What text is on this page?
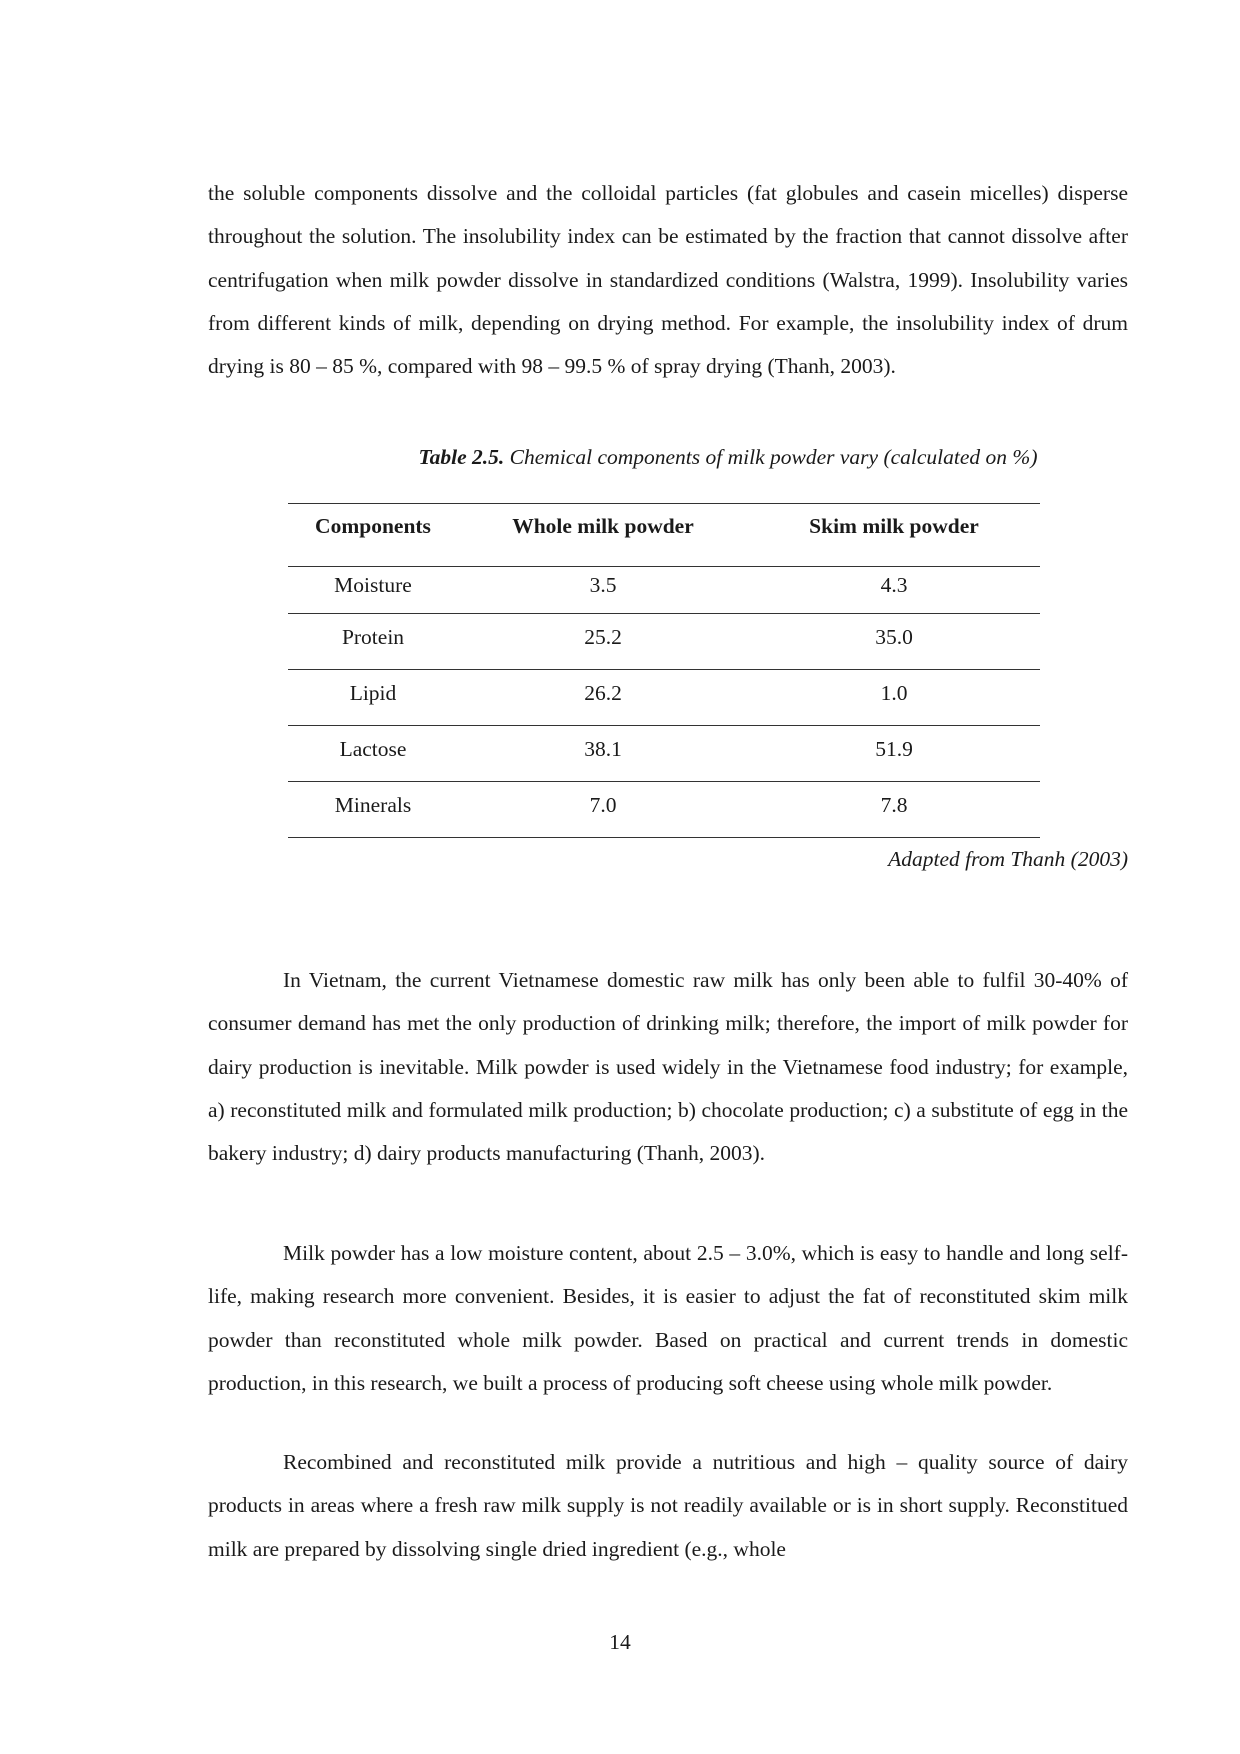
the soluble components dissolve and the colloidal particles (fat globules and casein micelles) disperse throughout the solution. The insolubility index can be estimated by the fraction that cannot dissolve after centrifugation when milk powder dissolve in standardized conditions (Walstra, 1999). Insolubility varies from different kinds of milk, depending on drying method. For example, the insolubility index of drum drying is 80 – 85 %, compared with 98 – 99.5 % of spray drying (Thanh, 2003).

Table 2.5. Chemical components of milk powder vary (calculated on %)

Components	Whole milk powder	Skim milk powder
Moisture	3.5	4.3
Protein	25.2	35.0
Lipid	26.2	1.0
Lactose	38.1	51.9
Minerals	7.0	7.8

Adapted from Thanh (2003)

In Vietnam, the current Vietnamese domestic raw milk has only been able to fulfil 30-40% of consumer demand has met the only production of drinking milk; therefore, the import of milk powder for dairy production is inevitable. Milk powder is used widely in the Vietnamese food industry; for example, a) reconstituted milk and formulated milk production; b) chocolate production; c) a substitute of egg in the bakery industry; d) dairy products manufacturing (Thanh, 2003).

Milk powder has a low moisture content, about 2.5 – 3.0%, which is easy to handle and long self-life, making research more convenient. Besides, it is easier to adjust the fat of reconstituted skim milk powder than reconstituted whole milk powder. Based on practical and current trends in domestic production, in this research, we built a process of producing soft cheese using whole milk powder.

Recombined and reconstituted milk provide a nutritious and high – quality source of dairy products in areas where a fresh raw milk supply is not readily available or is in short supply. Reconstitued milk are prepared by dissolving single dried ingredient (e.g., whole

14
